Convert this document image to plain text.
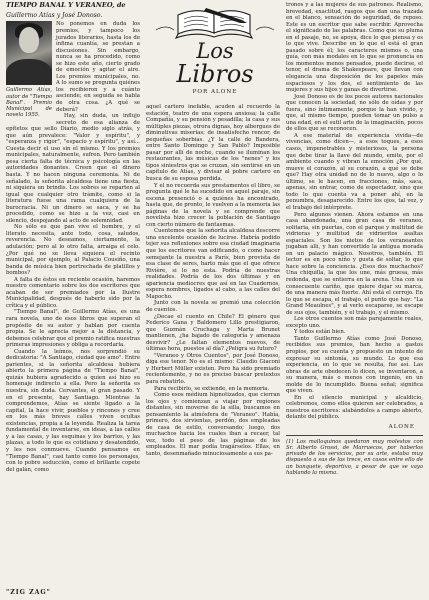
TIEMPO BANAL Y VERANEO, de
Guillermo Atías y José Donoso.
Guillermo Atías, autor de "Tiempo Banal". Premio Municipal de novela 1955.

No ponemos en duda los premios, y tampoco los jurados literarios, hasta los de ínfima cuantía, se prestan a discusiones. Sin embargo, nunca se ha procedido, como se hizo este año, cierto grado de emoción y agitar el aire. Los premios municipales, no. A lo sumo se pregunta quiénes los recibieron y a cuánto asciende; en seguida se habla de otra cosa. ¿A qué se deberá?

Hay, sin duda, un influjo secreto de esa alianza de epítetos que sello Diario, medio siglo atrás, y que aún prevalece: "Valor y espíritu", y "esperanza y rigor", "espacio y espíritu", y así... Cuesta decir el uso sin el mismo. Y los premios municipales, naturalmente, sufren. Pero también pesa cierta falta de técnica y psicología en las autoridades donantes. Creen que el dinero basta. Y no hacen ninguna ceremonia. Ni de señalado, la señorita alcaldesa tiene una fiesta, ni siquiera un brindis. Los sobres se reparten al igual que cualquier otro trámite, como si la literatura fuese una rama cualquiera de la burocracia. Ni un dinero se saca, y se ha procedido, como se hizo a la vez, casi en silencio, despojando al acto de solemnidad.

No sólo es que pan vive el hombre, y el literato necesita, ante todo, cosa, saludos, reverencia. No deseamos, ciertamente, la adulación; pero al lo otro falta, arraiga el celo. ¿Por qué no se lleva siquiera el recinto municipal, por ejemplo, al Palacio Cousiño, una banda de música bien pertrechada de platillos y bombos?

A falta de éstos en reciente ocasión, haremos nuestro comentario sobre los dos escritores que acaban de ser premiados por la Ilustre Municipalidad, después de haberlo sido por la crítica y el público.

"Tiempo Banal", de Guillermo Atías, es una rara novela, uno de esos libros que superan el propósito de su autor y hablan por cuenta propia. Se le aprecia mejor a la distancia, y debemos celebrar que el premio ratifica nuestras primeras impresiones y obliga a recordarla.

Cuando la leímos, nos sorprendió su dedicatoria: "A Santiago, ciudad que amo". Entre parientes, si la señorita alcaldesa hubiera abierto la primera página de "Tiempo Banal", quizás hubiera agradecido a quien así hizo su homenaje indirecto a ella. Pero la señorita es nuestra, sin duda. Cervantes, el gran pasado. Y en el presente, hay Santiago. Mientras la comprendemos, Atías se siente ligado a la capital, la hace vivir, pueblos y rincones y cree en los más breves calles viven ocultas existencias, propia a la leyenda. Realiza la tarea fundamental de inventarse, en ideas, a las calles y a las casas, y las esquinas y los barrios, y las plazas, a todo lo que es cotidiano y desatendido, y les nos conmueve. Cuando pensamos en "Tiempo Banal", casi tanto como los personajes, con lo pobre seducción, como el brillante copete del galán, como

Los
Libros
POR ALONE

aquel cartero inefable, acuden al recuerdo la estación, teatro de una espera ansiosa; la calle Compañía, y su pensión y pesadilla; la casa y sus múltiples piezas, otrora dignas, hoy albergues de diminutivas miserias; de insatisfecho rencor, de pequeñas soberbias. ¿Y la calle de Bandera, entre Santo Domingo y San Pablo? Imposible pasar por allí de noche, cuando se iluminan los restaurantes, las músicas de los "nenes" y los tipos siniestros que se cruzan, sin sentirse en un capítulo de Atías, y divisar al pobre cartero en busca de su esposa perdida.

Y el no recuerda sus prestamentos el libro, se pregunta qué le ha sucedido en aquel paraje, sin escena presenció o a quiénes ha encontrado, hasta que, de pronto, le vuelven a la memoria las páginas de la novela y se comprende que novelista hizo crecer la población de Santiago con cierto número de fantasmas.

Cuentemos que la señorita alcaldesa descorre una excelente ocasión de lucirse. Habría podido tejer sus reflexiones sobre esa ciudad imaginaria que los escritores van edificando, o como hacer semejante la nuestra a París, bien provista de esa clase de seres, harto más que el que ofrece Rivière, si lo no esta. Podría de nuestras realidades. Podría de los dos últimas y en apariencia mediocres que así en las Cuadernos, espera nombres, ligados al cabo, a las calles del Mapocho.

Junto con la novela se premió una colección de cuentos.

¿Decae el cuento en Chile? El género que Federico Gana y Baldomero Lillo prestigiaron, que Guzmán Cruchaga y Marta Brunet mantienen, ¿ha bajado de categoría y amenaza desvivir? ¿Le faltan elementos nuevos, de últimas hora, puestos al día? ¿Peligra su futuro?

"Veraneo y Otros Cuentos", por José Donoso, diga ese tenor. No es el mismo: Claudio Giaconi y Herbert Müller existen. Pero ha sido premiado recientemente, y no es preciso buscar pretextos para rebatirlo.

Para recibirlo, se extiende, en la memoria.

Como esos médium hipnotizados, que cierran los ojos y comienzan a viajar por regiones distantes, sin moverse de la silla, buscamos en pensamiento la atmósfera de "Veraneo". Había, primero, dos sirvientas, perdón, dos empleadas de casa de estilo, conversando; luego, dos muchachos hacia los cuales iban a recaer, tal vez, todo el peso de las páginas de los empleados. El mar podía tragárselos. Ellas, en tanto, desenmañado minuciosamente a sus pa-

tronos y a las mujeres de sus patrones. Realismo, brevedad, exactitud, rasgos que dan una trazada en el blanco, sensación de seguridad, de reposo. Este es un escritor que sabe escribir. Aprovecha el significado de las palabras. Como que su pluma en el pasaje, no, se apoya, dice lo que piensa y es lo que vive. Describe en lo que el está el gran pasado sobre él; los caracteres mismos o, una guía, con más modales en lo que se pronuncia en los momentos menos pensados, puede decirse, el tenor, el drama de Shakespeare, que llevan con elegancia una disposición de los papeles más espaciosos y los dos, el sentimiento de las mujeres y sus hijos y ganas de divertirse.

José Donoso es de los pocos autores nacionales que conocen la sociedad, no sólo de oídas y por fuera, sino íntimamente, porque la han vivido, y que, al mismo tiempo, pueden tomar un pulso a una edad, en el sutil arte de la imaginación, pocos de ellos que se reconocen.

A ese material de experiencia vivida—de vivencias, como dicen—, a esos toques, a esos casos, impenetrables y misteriosos, la persona que debe tirar la llave del mundo, emite, por el ambiente cuando y vibran la emoción ¿Por qué, mueve el corazón, al su corazón, a qué se debe que? Hay otra unidad no de lo nuevo, algo o lo último, se le hacen, en fracciones, más, saca, apenas, sin entrar, como de espectador, sino que todo lo que cuenta va a poner ahí, en la penumbra, desaparecido. Entre los ojos, tal vez, y el trabajo del intérprete.

Pero algunos vienen. Ahora estamos en una casa abandonada, una gran casa de veraneo, solitaria, sin puertas, con el parque y multitud de vidrieras y multitud de vidrieritos asaltas espaciales. Son los nietos de los veraneantes jugaban allí, y han convertido la antigua morada en un palacio mágico. Nosotros, también. El lector es en poco niño y gusta de soltar, lo que hace sobre la conciencia. ¿Esos dos muchachos? Una chiquilla, la que los une, más gruesa, más redonda, que se entierra en la arena. Una con su consecuente cariño, que quiere dejar su marca, de una manera más fuerte. Ahí está el cerrojo. En lo que se escapa, el trabajo, el punto que hay: "La Grand Meaulnes", y al verlo escaparse, se escape de sus ojos, también, y el trabajo, y el mismo.

Los otros cuentos son más parejamente reales, excepto uno.

Y todos están bien.

Tanto Guillermo Atías como José Donoso, recibidos sus premios, han hecho a gastos propios, por su cuenta y propuesto un intento de expresar su sintonía, su mundo. Lo que esa experiencia, en lo que se resulta, fue así. Las obras de arte obedecen lo dicen, se inventaron, a su manera, más o menos con ingenio, en un molde de lo incumplido. Buena señal; significa que viven.

En el silencio municipal y alcaldicio, celebremos, como ellos quieren ser celebrados, a nuestros escritores: alabándolos a campo abierto, delante del público.

ALONE

(1) Los malloquinos quedaron muy molestos con Sr. Alberto Grossi, de Marruecos, por haberlos privado de los servicios, por su arte, estaba muy dispuesto a sus de los trece, en casos entre ello de un banquete, deportivo, a pesar de que se vaya hablando la misma.

"ZIG ZAG"
